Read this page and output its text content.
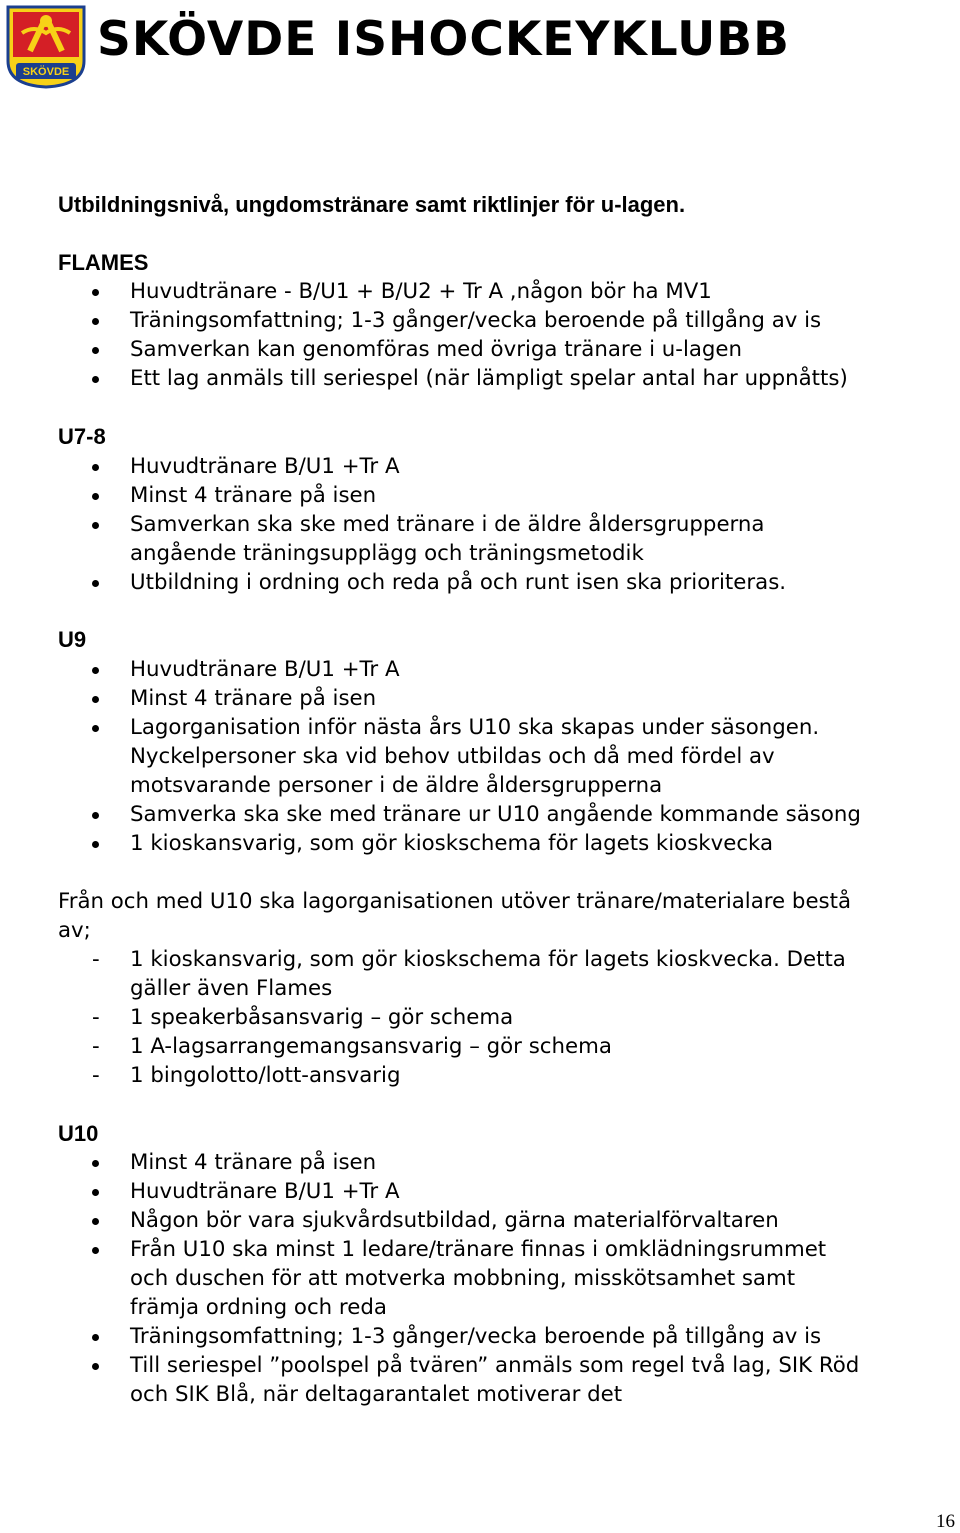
SKÖVDE
SKÖVDE ISHOCKEYKLUBB
Utbildningsnivå, ungdomstränare samt riktlinjer för u-lagen.
FLAMES
Huvudtränare - B/U1 + B/U2 + Tr A ,någon bör ha MV1
Träningsomfattning; 1-3 gånger/vecka beroende på tillgång av is
Samverkan kan genomföras med övriga tränare i u-lagen
Ett lag anmäls till seriespel (när lämpligt spelar antal har uppnåtts)
U7-8
Huvudtränare B/U1 +Tr A
Minst 4 tränare på isen
Samverkan ska ske med tränare i de äldre åldersgrupperna
angående träningsupplägg och träningsmetodik
Utbildning i ordning och reda på och runt isen ska prioriteras.
U9
Huvudtränare B/U1 +Tr A
Minst 4 tränare på isen
Lagorganisation inför nästa års U10 ska skapas under säsongen.
Nyckelpersoner ska vid behov utbildas och då med fördel av
motsvarande personer i de äldre åldersgrupperna
Samverka ska ske med tränare ur U10 angående kommande säsong
1 kioskansvarig, som gör kioskschema för lagets kioskvecka

Från och med U10 ska lagorganisationen utöver tränare/materialare bestå
av;

- 1 kioskansvarig, som gör kioskschema för lagets kioskvecka. Detta
gäller även Flames
- 1 speakerbåsansvarig – gör schema
- 1 A-lagsarrangemangsansvarig – gör schema
- 1 bingolotto/lott-ansvarig
U10
Minst 4 tränare på isen
Huvudtränare B/U1 +Tr A
Någon bör vara sjukvårdsutbildad, gärna materialförvaltaren
Från U10 ska minst 1 ledare/tränare finnas i omklädningsrummet
och duschen för att motverka mobbning, misskötsamhet samt
främja ordning och reda
Träningsomfattning; 1-3 gånger/vecka beroende på tillgång av is
Till seriespel ”poolspel på tvären” anmäls som regel två lag, SIK Röd
och SIK Blå, när deltagarantalet motiverar det
16
